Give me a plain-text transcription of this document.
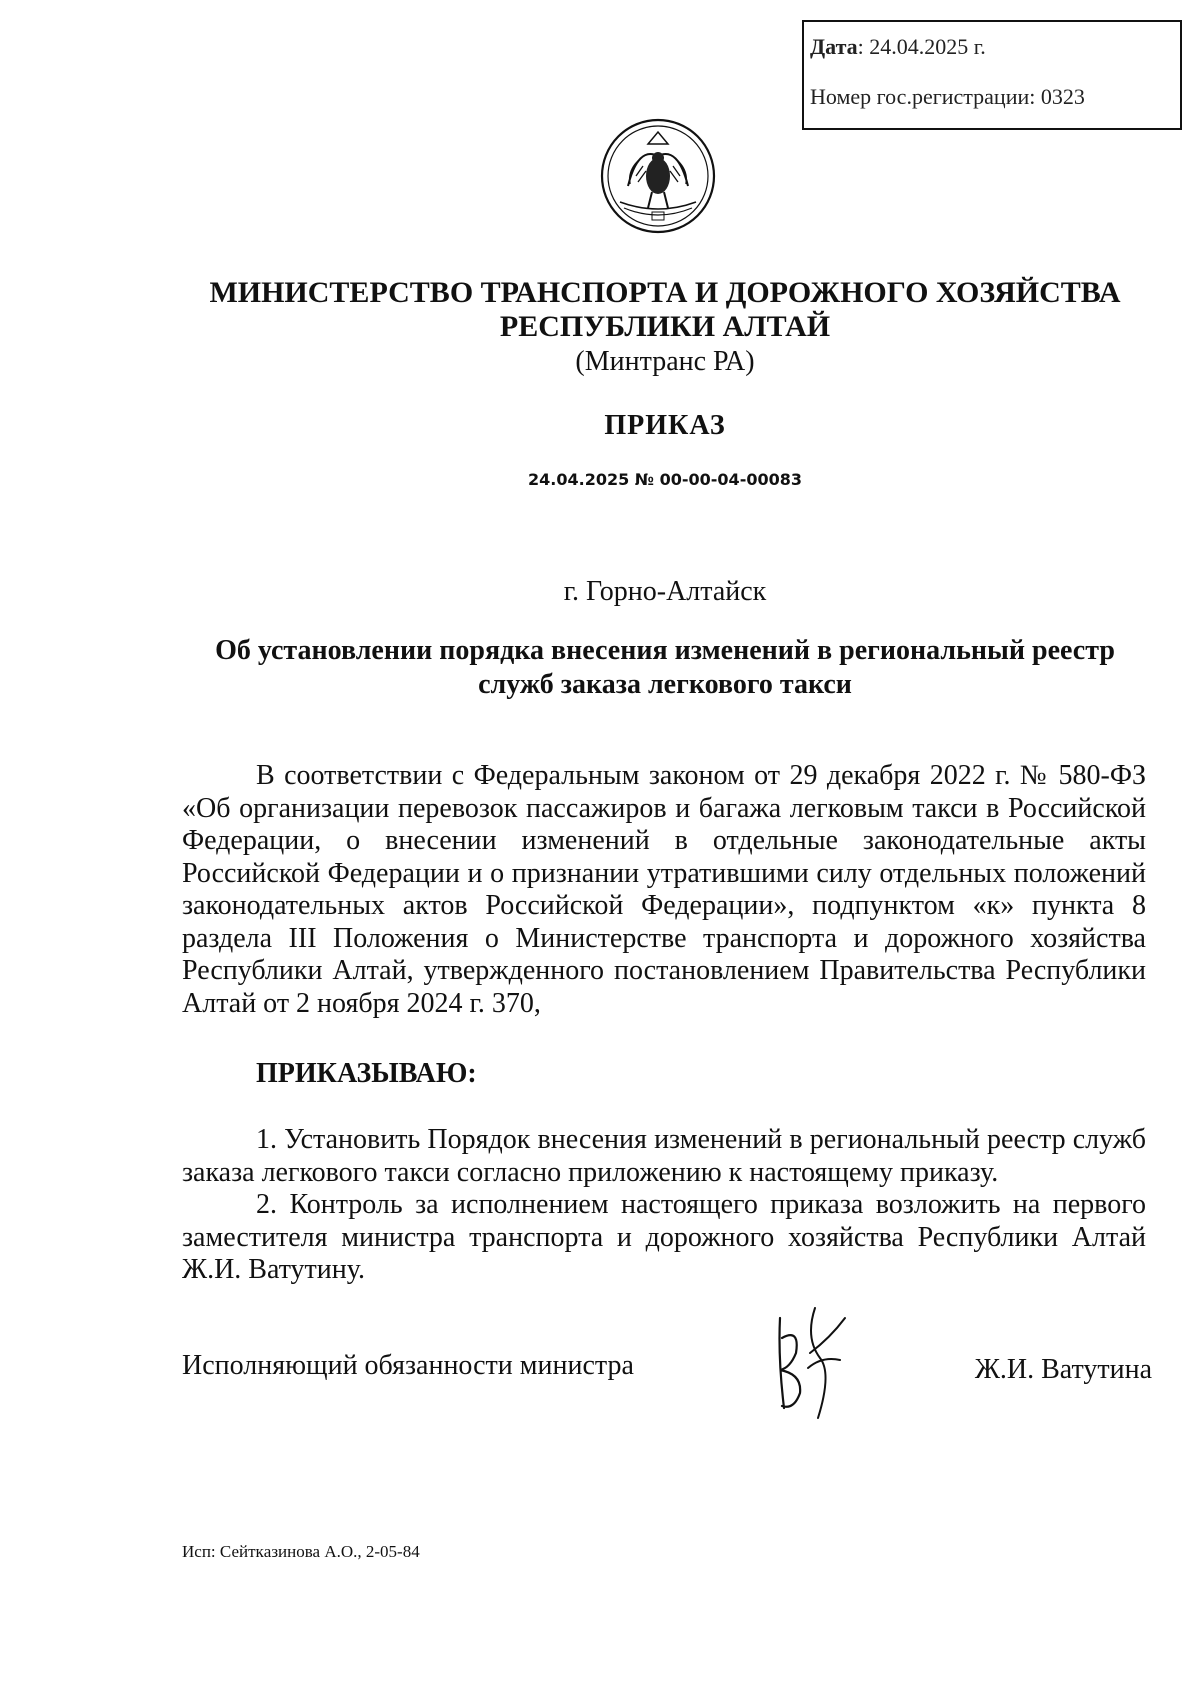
Дата: 24.04.2025 г.
Номер гос.регистрации: 0323
МИНИСТЕРСТВО ТРАНСПОРТА И ДОРОЖНОГО ХОЗЯЙСТВА
РЕСПУБЛИКИ АЛТАЙ
(Минтранс РА)
ПРИКАЗ
24.04.2025 № 00-00-04-00083
г. Горно-Алтайск
Об установлении порядка внесения изменений в региональный реестр
служб заказа легкового такси
В соответствии с Федеральным законом от 29 декабря 2022 г. № 580-ФЗ «Об организации перевозок пассажиров и багажа легковым такси в Российской Федерации, о внесении изменений в отдельные законодательные акты Российской Федерации и о признании утратившими силу отдельных положений законодательных актов Российской Федерации», подпунктом «к» пункта 8 раздела III Положения о Министерстве транспорта и дорожного хозяйства Республики Алтай, утвержденного постановлением Правительства Республики Алтай от 2 ноября 2024 г. 370,
ПРИКАЗЫВАЮ:

1. Установить Порядок внесения изменений в региональный реестр служб заказа легкового такси согласно приложению к настоящему приказу.

2. Контроль за исполнением настоящего приказа возложить на первого заместителя министра транспорта и дорожного хозяйства Республики Алтай Ж.И. Ватутину.

Исполняющий обязанности министра	Ж.И. Ватутина
Исп: Сейткaзинова А.О., 2-05-84
